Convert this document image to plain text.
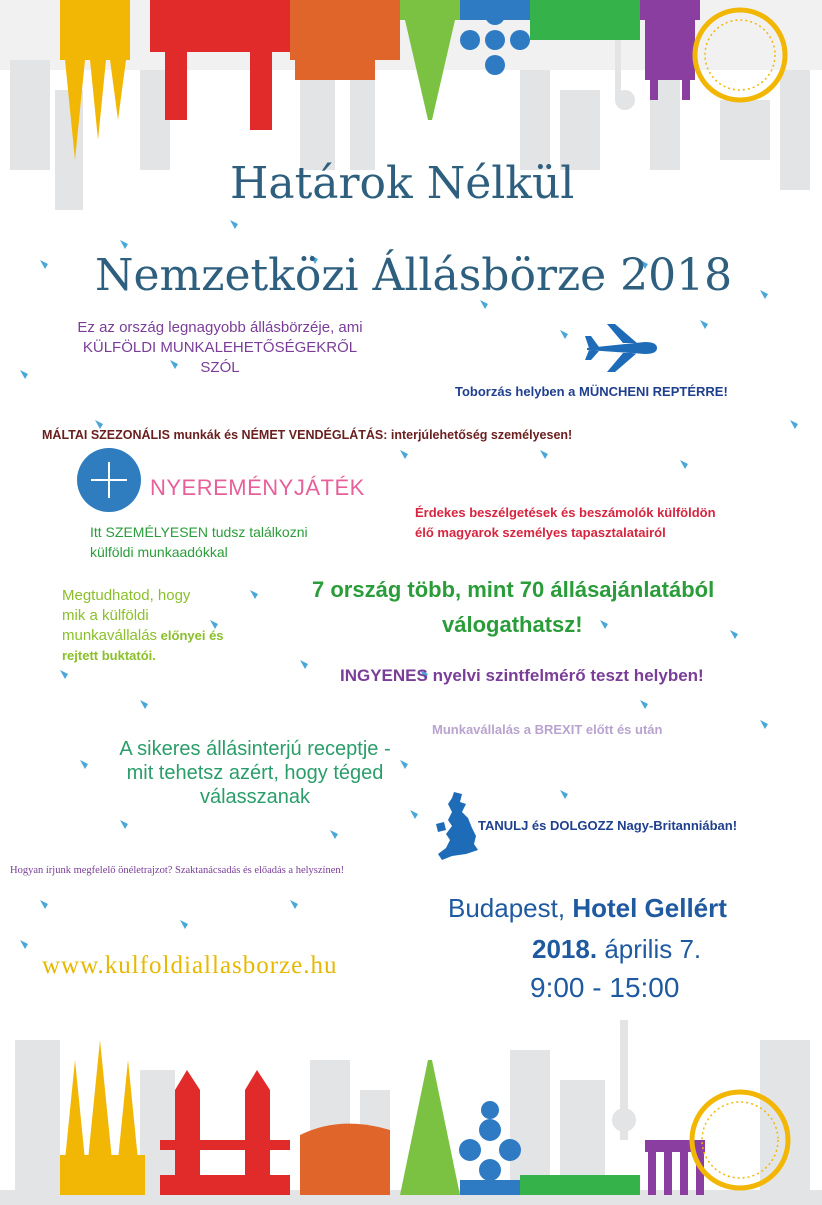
Határok Nélkül
Nemzetközi Állásbörze 2018
Ez az ország legnagyobb állásbörzéje, ami
KÜLFÖLDI MUNKALEHETŐSÉGEKRŐL
SZÓL
Toborzás helyben a MÜNCHENI REPTÉRRE!
MÁLTAI SZEZONÁLIS munkák és NÉMET VENDÉGLÁTÁS: interjúlehetőség személyesen!
NYEREMÉNYJÁTÉK
Érdekes beszélgetések és beszámolók külföldön
élő magyarok személyes tapasztalatairól
Itt SZEMÉLYESEN tudsz találkozni
külföldi munkaadókkal
Megtudhatod, hogy
mik a külföldi
munkavállalás előnyei és
rejtett buktatói.
7 ország több, mint 70 állásajánlatából
válogathatsz!
INGYENES nyelvi szintfelmérő teszt helyben!
Munkavállalás a BREXIT előtt és után
A sikeres állásinterjú receptje -
mit tehetsz azért, hogy téged
válasszanak
TANULJ és DOLGOZZ Nagy-Britanniában!
Hogyan írjunk megfelelő önéletrajzot? Szaktanácsadás és előadás a helyszínen!
Budapest, Hotel Gellért
2018. április 7.
9:00 - 15:00
www.kulfoldiallasborze.hu
